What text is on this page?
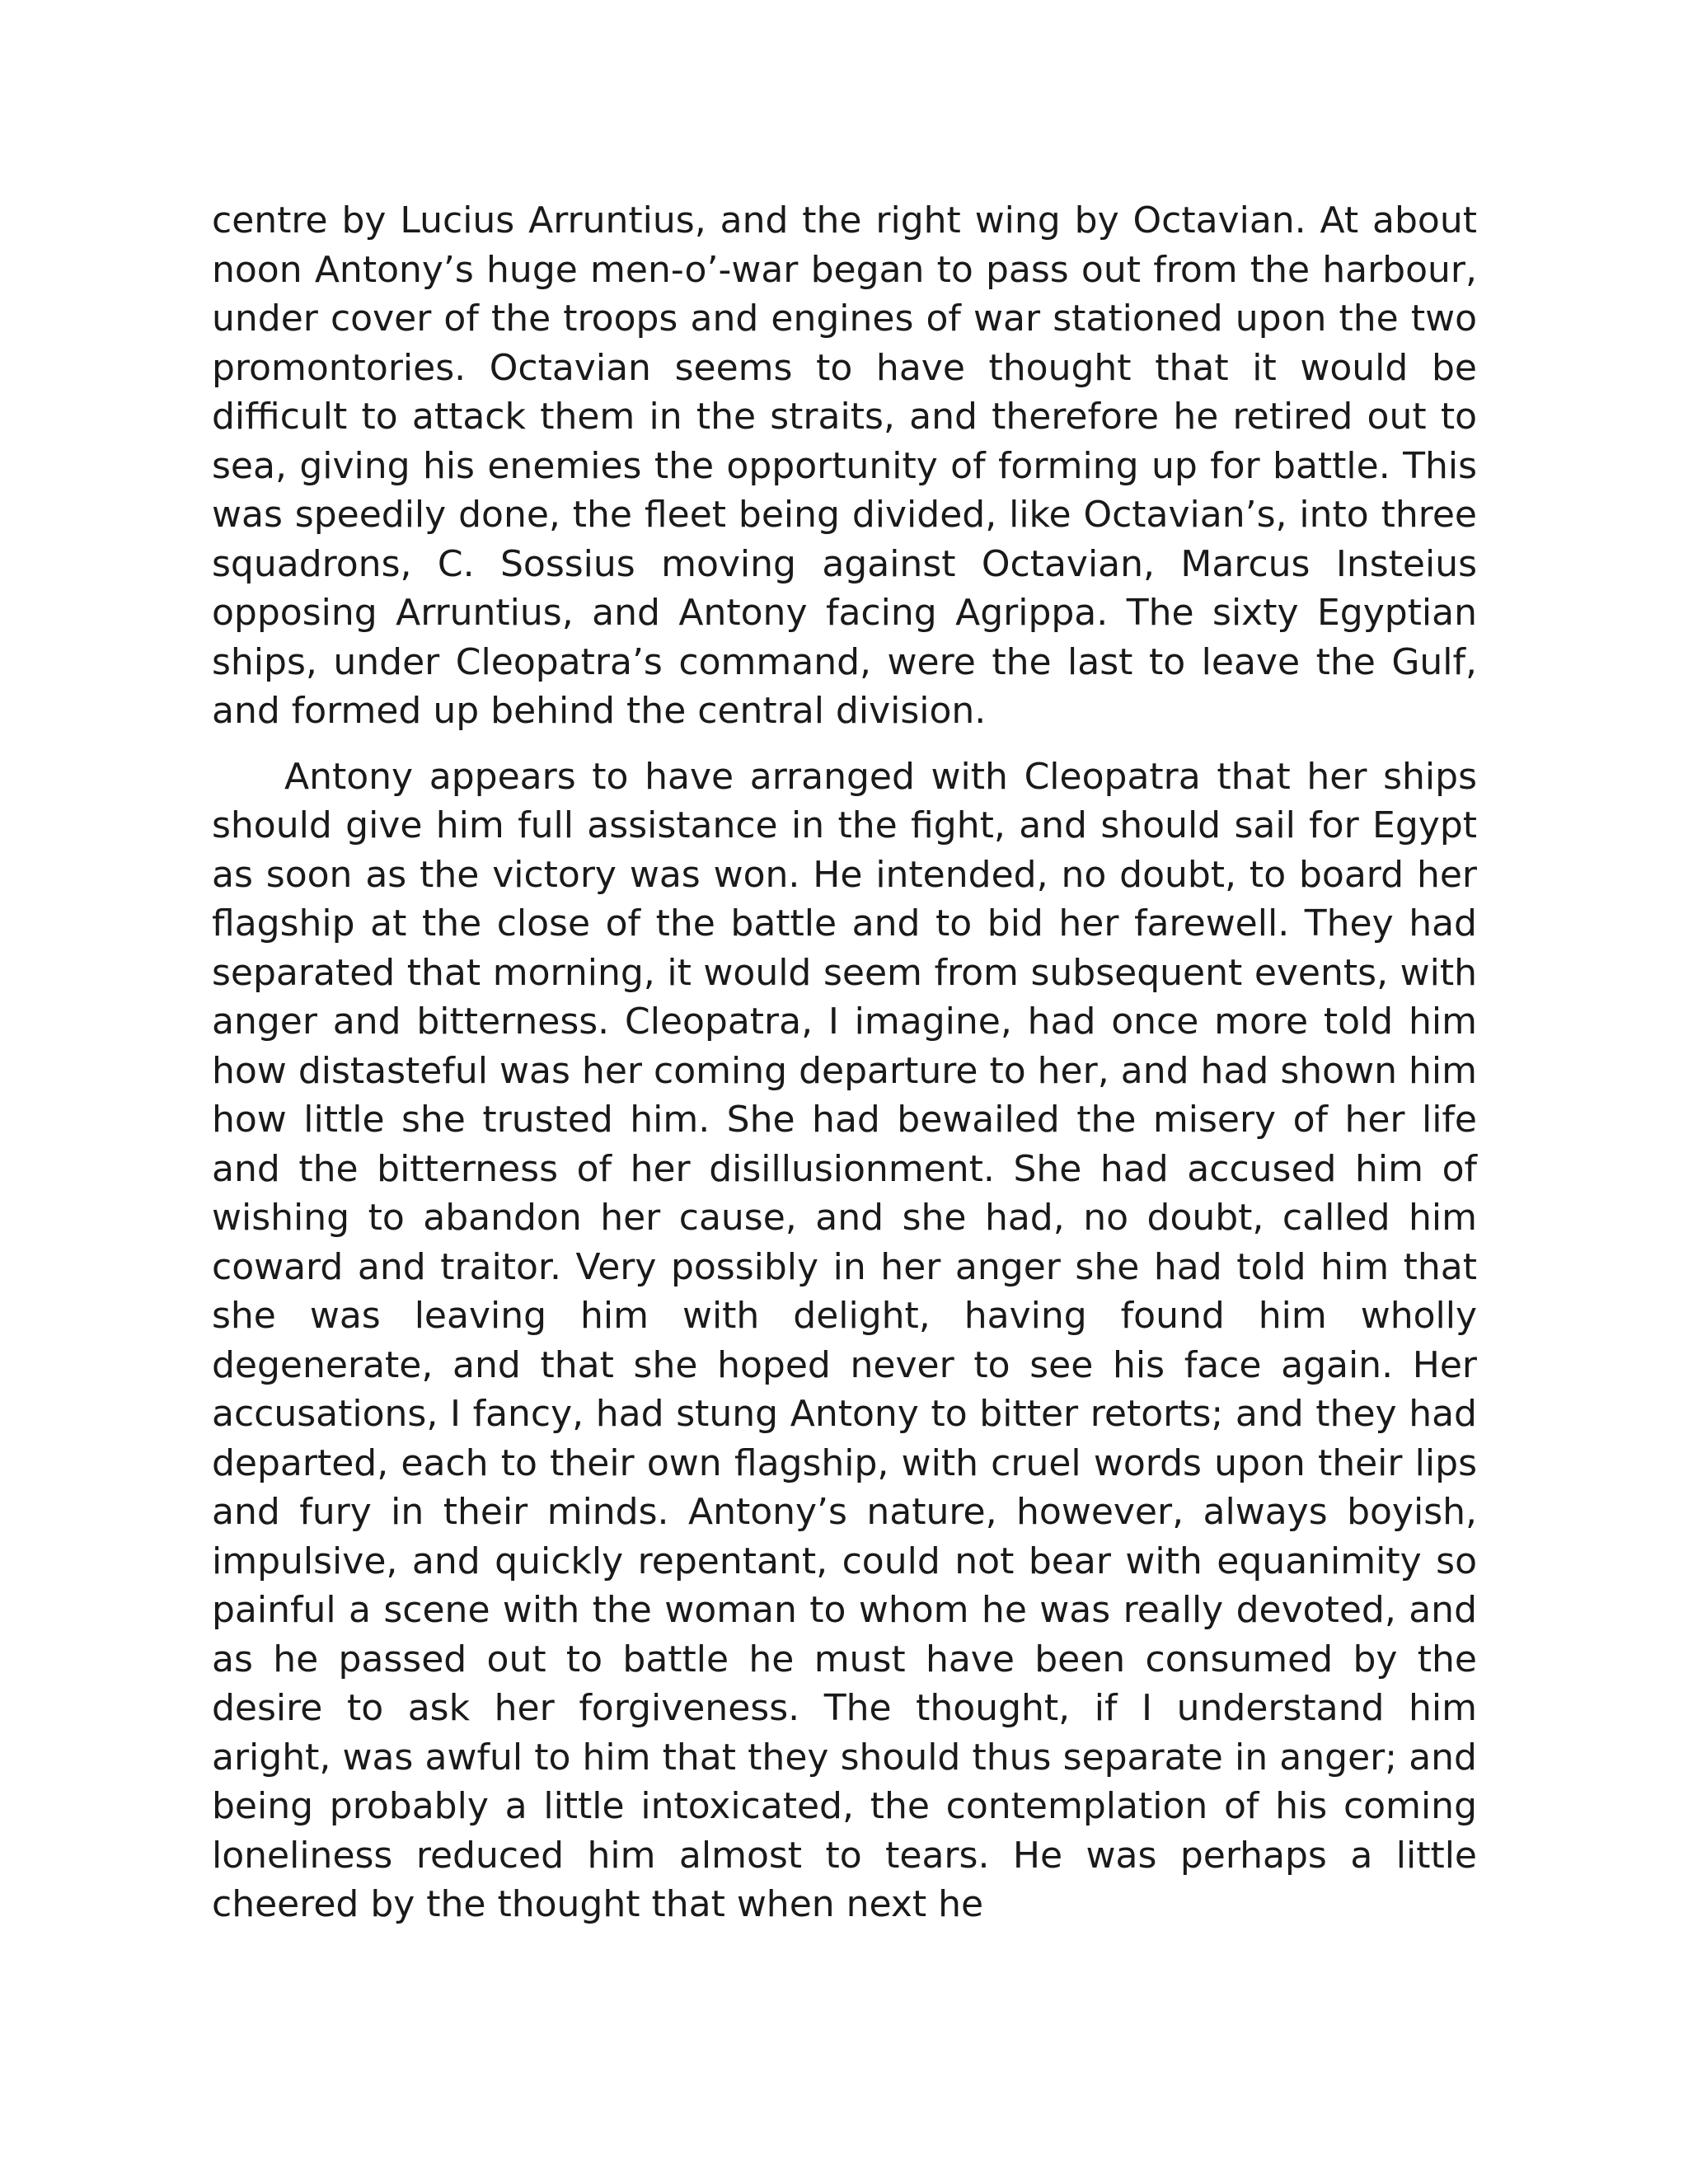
centre by Lucius Arruntius, and the right wing by Octavian. At about noon Antony’s huge men-o’-war began to pass out from the harbour, under cover of the troops and engines of war stationed upon the two promontories. Octavian seems to have thought that it would be difficult to attack them in the straits, and therefore he retired out to sea, giving his enemies the opportunity of forming up for battle. This was speedily done, the fleet being divided, like Octavian’s, into three squadrons, C. Sossius moving against Octavian, Marcus Insteius opposing Arruntius, and Antony facing Agrippa. The sixty Egyptian ships, under Cleopatra’s command, were the last to leave the Gulf, and formed up behind the central division.

Antony appears to have arranged with Cleopatra that her ships should give him full assistance in the fight, and should sail for Egypt as soon as the victory was won. He intended, no doubt, to board her flagship at the close of the battle and to bid her farewell. They had separated that morning, it would seem from subsequent events, with anger and bitterness. Cleopatra, I imagine, had once more told him how distasteful was her coming departure to her, and had shown him how little she trusted him. She had bewailed the misery of her life and the bitterness of her disillusionment. She had accused him of wishing to abandon her cause, and she had, no doubt, called him coward and traitor. Very possibly in her anger she had told him that she was leaving him with delight, having found him wholly degenerate, and that she hoped never to see his face again. Her accusations, I fancy, had stung Antony to bitter retorts; and they had departed, each to their own flagship, with cruel words upon their lips and fury in their minds. Antony’s nature, however, always boyish, impulsive, and quickly repentant, could not bear with equanimity so painful a scene with the woman to whom he was really devoted, and as he passed out to battle he must have been consumed by the desire to ask her forgiveness. The thought, if I understand him aright, was awful to him that they should thus separate in anger; and being probably a little intoxicated, the contemplation of his coming loneliness reduced him almost to tears. He was perhaps a little cheered by the thought that when next he
